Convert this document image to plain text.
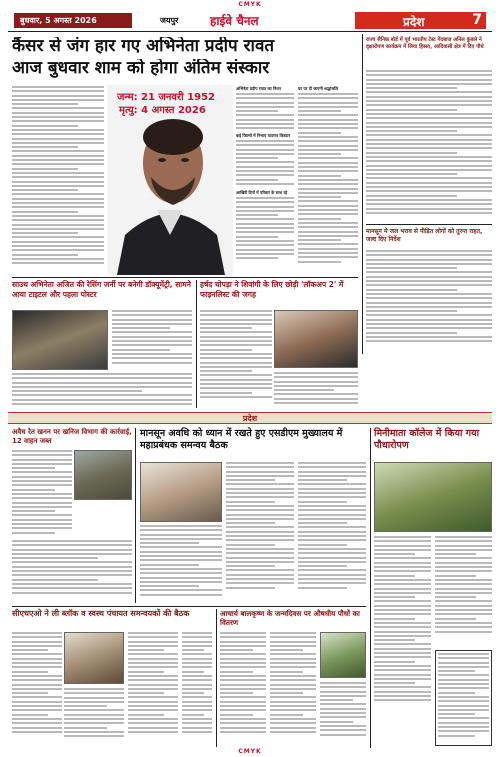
CMYK
CMYK
बुधवार, 5 अगस्त 2026	जयपुर	हाईवे चैनल	प्रदेश	7
कैंसर से जंग हार गए अभिनेता प्रदीप रावत
आज बुधवार शाम को होगा अंतिम संस्कार
जन्म: 21 जनवरी 1952
मृत्यु: 4 अगस्त 2026
अभिनेता प्रदीप रावत का निधन
कई फिल्मों में निभाए यादगार किरदार
आखिरी दिनों में परिवार के साथ रहे
घर पर दी जाएगी श्रद्धांजलि
राज्य सैनिक बोर्ड में पूर्व भारतीय टेस्ट गेंदबाज अनिल कुंबले ने वृक्षारोपण कार्यक्रम में लिया हिस्सा, आदिवासी क्षेत्र में दिए पौधे
मानसून में जल भराव से पीड़ित लोगों को तुरन्त राहत, जल्द दिए निर्देश
साउथ अभिनेता अजित की रेसिंग जर्नी पर बनेगी डॉक्यूमेंट्री, सामने आया टाइटल और पहला पोस्टर
हर्षद चोपड़ा ने शिवांगी के लिए छोड़ी 'लॉकअप 2' में फाइनलिस्ट की जगह
प्रदेश
अवैध रेत खनन पर खनिज विभाग की कार्रवाई, 12 वाहन जब्त
मानसून अवधि को ध्यान में रखते हुए एसडीएम मुख्यालय में महाप्रबंधक समन्वय बैठक
मिनीमाता कॉलेज में किया गया पौधारोपण
सीएचएओ ने ली ब्लॉक व स्वस्थ पंचायत समन्वयकों की बैठक	आचार्य बालकृष्ण के जन्मदिवस पर औषधीय पौधों का वितरण
